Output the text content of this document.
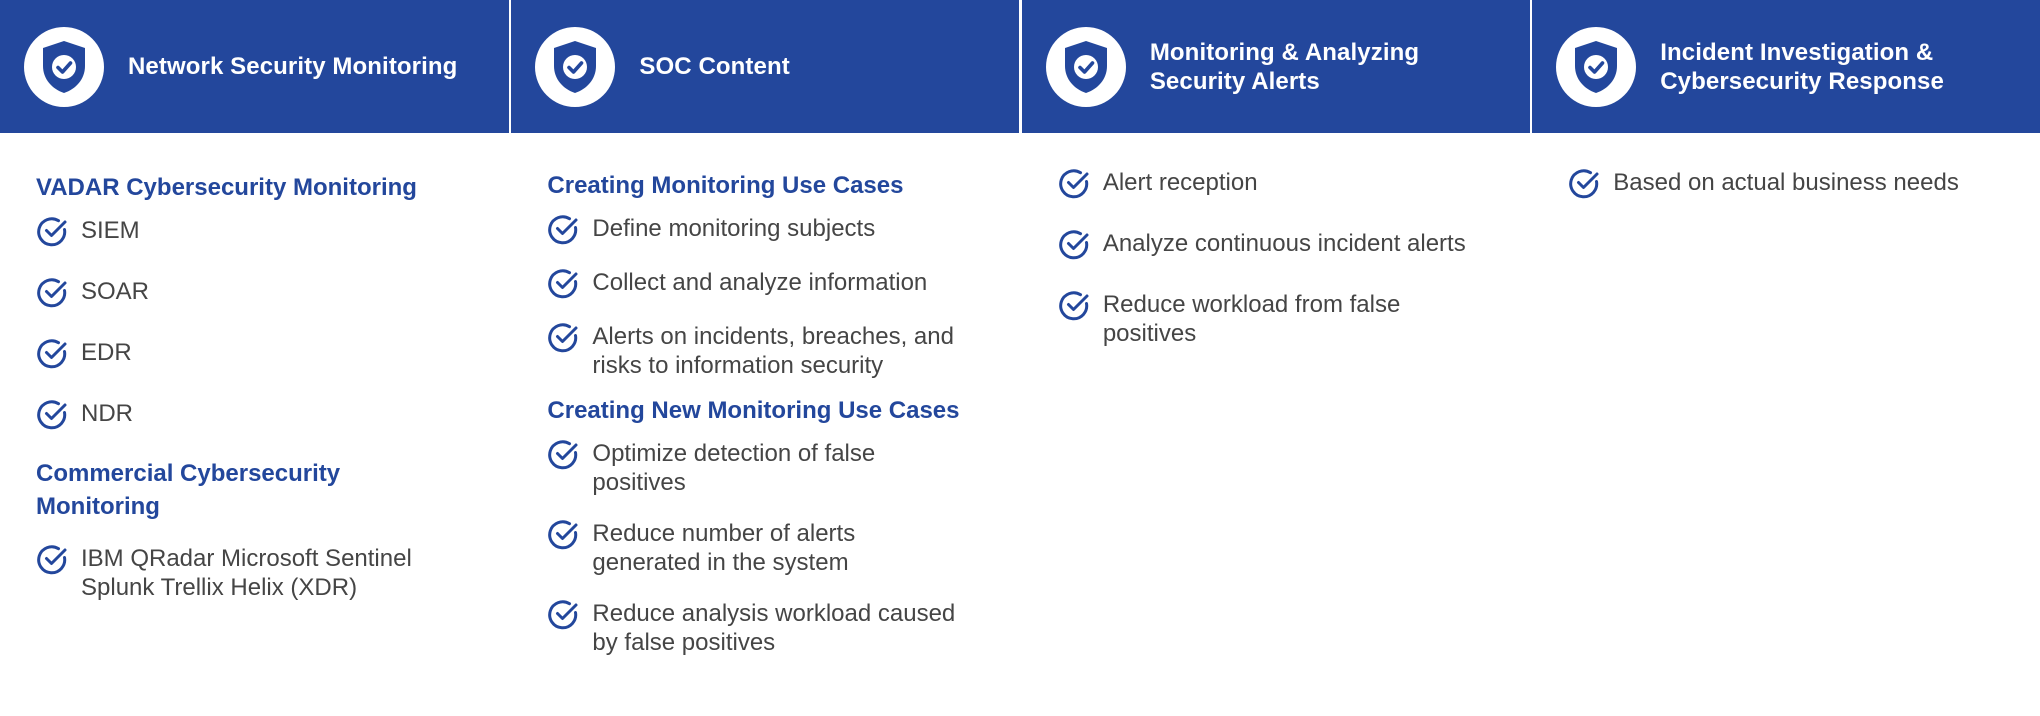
Network Security Monitoring
VADAR Cybersecurity Monitoring
SIEM
SOAR
EDR
NDR
Commercial Cybersecurity
Monitoring
IBM QRadar Microsoft Sentinel
Splunk Trellix Helix (XDR)
SOC Content
Creating Monitoring Use Cases
Define monitoring subjects
Collect and analyze information
Alerts on incidents, breaches, and
risks to information security
Creating New Monitoring Use Cases
Optimize detection of false
positives
Reduce number of alerts
generated in the system
Reduce analysis workload caused
by false positives
Monitoring & Analyzing
Security Alerts
Alert reception
Analyze continuous incident alerts
Reduce workload from false
positives
Incident Investigation &
Cybersecurity Response
Based on actual business needs
